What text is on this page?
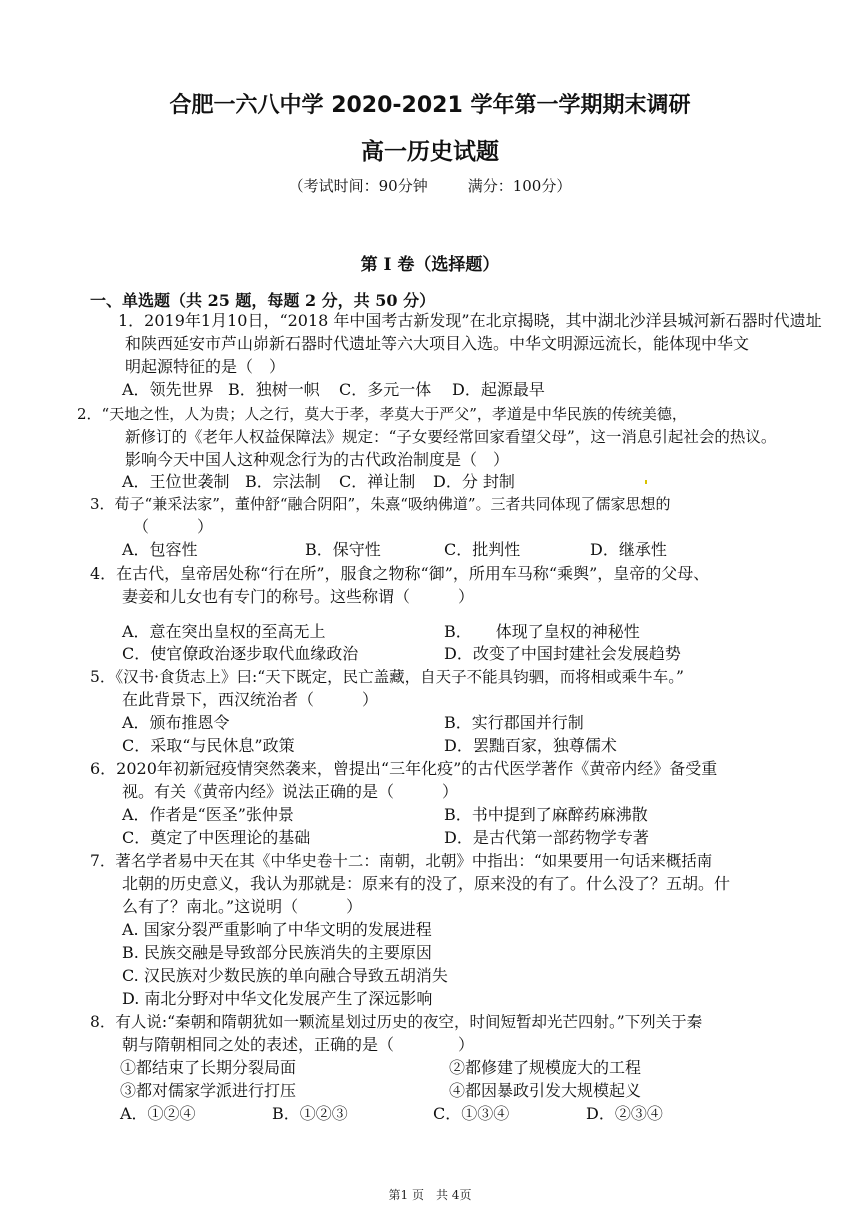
合肥一六八中学 2020-2021 学年第一学期期末调研
高一历史试题
（考试时间：90分钟	满分：100分）
第 Ⅰ 卷（选择题）
一、单选题（共 25 题，每题 2 分，共 50 分）
1．2019年1月10日，“2018 年中国考古新发现”在北京揭晓，其中湖北沙洋县城河新石器时代遗址
和陕西延安市芦山峁新石器时代遗址等六大项目入选。中华文明源远流长，能体现中华文
明起源特征的是（　）
A．领先世界 B．独树一帜 C．多元一体 D．起源最早
2．“天地之性，人为贵；人之行，莫大于孝，孝莫大于严父”，孝道是中华民族的传统美德，
新修订的《老年人权益保障法》规定：“子女要经常回家看望父母”，这一消息引起社会的热议。
影响今天中国人这种观念行为的古代政治制度是（　）
A．王位世袭制 B．宗法制 C．禅让制 D．分 封制
3．荀子“兼采法家”，董仲舒“融合阴阳”，朱熹“吸纳佛道”。三者共同体现了儒家思想的
（　　　）
A．包容性	B．保守性	C．批判性	D．继承性
4．在古代，皇帝居处称“行在所”，服食之物称“御”，所用车马称“乘舆”，皇帝的父母、
妻妾和儿女也有专门的称号。这些称谓（　　　）
A．意在突出皇权的至高无上	B．　　体现了皇权的神秘性
C．使官僚政治逐步取代血缘政治	D．改变了中国封建社会发展趋势
5．《汉书·食货志上》曰:“天下既定，民亡盖藏，自天子不能具钧驷，而将相或乘牛车。”
在此背景下，西汉统治者（　　　）
A．颁布推恩令	B．实行郡国并行制
C．采取“与民休息”政策	D．罢黜百家，独尊儒术
6．2020年初新冠疫情突然袭来，曾提出“三年化疫”的古代医学著作《黄帝内经》备受重
视。有关《黄帝内经》说法正确的是（　　　）
A．作者是“医圣”张仲景	B．书中提到了麻醉药麻沸散
C．奠定了中医理论的基础	D．是古代第一部药物学专著
7．著名学者易中天在其《中华史卷十二：南朝，北朝》中指出：“如果要用一句话来概括南
北朝的历史意义，我认为那就是：原来有的没了，原来没的有了。什么没了？五胡。什
么有了？南北。”这说明（　　　）
A. 国家分裂严重影响了中华文明的发展进程
B. 民族交融是导致部分民族消失的主要原因
C. 汉民族对少数民族的单向融合导致五胡消失
D. 南北分野对中华文化发展产生了深远影响
8．有人说:“秦朝和隋朝犹如一颗流星划过历史的夜空，时间短暂却光芒四射。”下列关于秦
朝与隋朝相同之处的表述，正确的是（　　　　）
①都结束了长期分裂局面	②都修建了规模庞大的工程
③都对儒家学派进行打压	④都因暴政引发大规模起义
A．①②④	B．①②③	C．①③④	D．②③④
第1 页　共 4页
